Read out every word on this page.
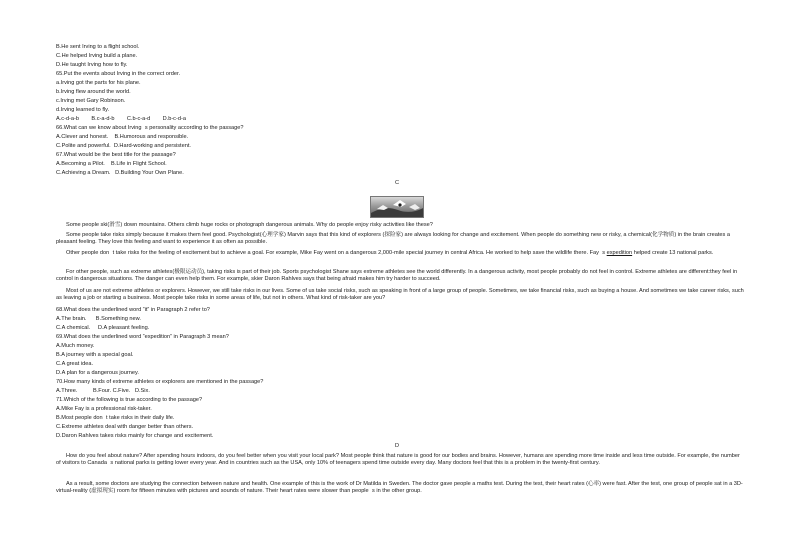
B.He sent Irving to a flight school.
C.He helped Irving build a plane.
D.He taught Irving how to fly.
65.Put the events about Irving in the correct order.
a.Irving got the parts for his plane.
b.Irving flew around the world.
c.Irving met Gary Robinson.
d.Irving learned to fly.
A.c-d-a-b        B.c-a-d-b        C.b-c-a-d        D.b-c-d-a
66.What can we know about Irvings personality according to the passage?
A.Clever and honest.    B.Humorous and responsible.
C.Polite and powerful.  D.Hard-working and persistent.
67.What would be the best title for the passage?
A.Becoming a Pilot.    B.Life in Flight School.
C.Achieving a Dream.   D.Building Your Own Plane.
C
Some people ski(滑雪) down mountains. Others climb huge rocks or photograph dangerous animals. Why do people enjoy risky activities like these?
Some people take risks simply because it makes them feel good. Psychologist(心理学家) Marvin says that this kind of explorers (探险家) are always looking for change and excitement. When people do something new or risky, a chemical(化学物质) in the brain creates a pleasant feeling. They love this feeling and want to experience it as often as possible.
Other people dont take risks for the feeling of excitement but to achieve a goal. For example, Mike Fay went on a dangerous 2,000-mile special journey in central Africa. He worked to help save the wildlife there. Fays expedition helped create 13 national parks.
For other people, such as extreme athletes(极限运动员), taking risks is part of their job. Sports psychologist Shane says extreme athletes see the world differently. In a dangerous activity, most people probably do not feel in control. Extreme athletes are different:they feel in control in dangerous situations. The danger can even help them. For example, skier Daron Rahlves says that being afraid makes him try harder to succeed.
Most of us are not extreme athletes or explorers. However, we still take risks in our lives. Some of us take social risks, such as speaking in front of a large group of people. Sometimes, we take financial risks, such as buying a house. And sometimes we take career risks, such as leaving a job or starting a business. Most people take risks in some areas of life, but not in others. What kind of risk-taker are you?
68.What does the underlined word “it” in Paragraph 2 refer to?
A.The brain.      B.Something new.
C.A chemical.     D.A pleasant feeling.
69.What does the underlined word “expedition” in Paragraph 3 mean?
A.Much money.
B.A journey with a special goal.
C.A great idea.
D.A plan for a dangerous journey.
70.How many kinds of extreme athletes or explorers are mentioned in the passage?
A.Three.          B.Four. C.Five.   D.Six.
71.Which of the following is true according to the passage?
A.Mike Fay is a professional risk-taker.
B.Most people dont take risks in their daily life.
C.Extreme athletes deal with danger better than others.
D.Daron Rahlves takes risks mainly for change and excitement.
D
How do you feel about nature? After spending hours indoors, do you feel better when you visit your local park? Most people think that nature is good for our bodies and brains. However, humans are spending more time inside and less time outside. For example, the number of visitors to Canadas national parks is getting lower every year. And in countries such as the USA, only 10% of teenagers spend time outside every day. Many doctors feel that this is a problem in the twenty-first century.
As a result, some doctors are studying the connection between nature and health. One example of this is the work of Dr Matilda in Sweden. The doctor gave people a maths test. During the test, their heart rates (心率) were fast. After the test, one group of people sat in a 3D-virtual-reality (虚拟现实) room for fifteen minutes with pictures and sounds of nature. Their heart rates were slower than peoples in the other group.
